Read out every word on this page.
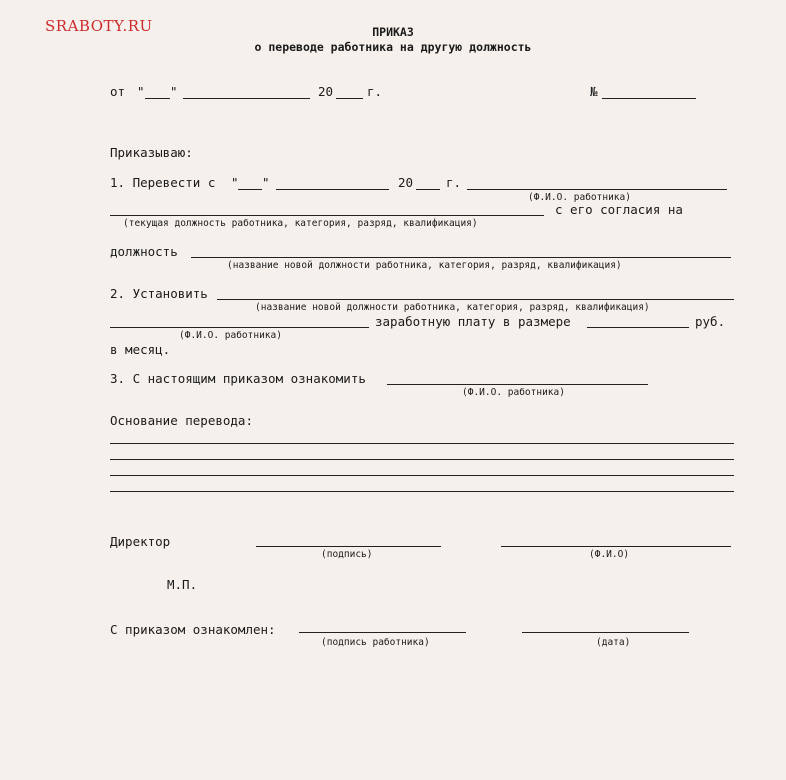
SRABOTY.RU	ПРИКАЗ
о переводе работника на другую должность
от " "	20	г.	№
Приказываю:
1. Перевести с " "	20	г.
(Ф.И.О. работника)
с его согласия на
(текущая должность работника, категория, разряд, квалификация)
должность
(название новой должности работника, категория, разряд, квалификация)
2. Установить
(название новой должности работника, категория, разряд, квалификация)
заработную плату в размере	руб.
(Ф.И.О. работника)
в месяц.
3. С настоящим приказом ознакомить
(Ф.И.О. работника)
Основание перевода:
Директор
(подпись)	(Ф.И.О)
М.П.
С приказом ознакомлен:
(подпись работника)	(дата)
